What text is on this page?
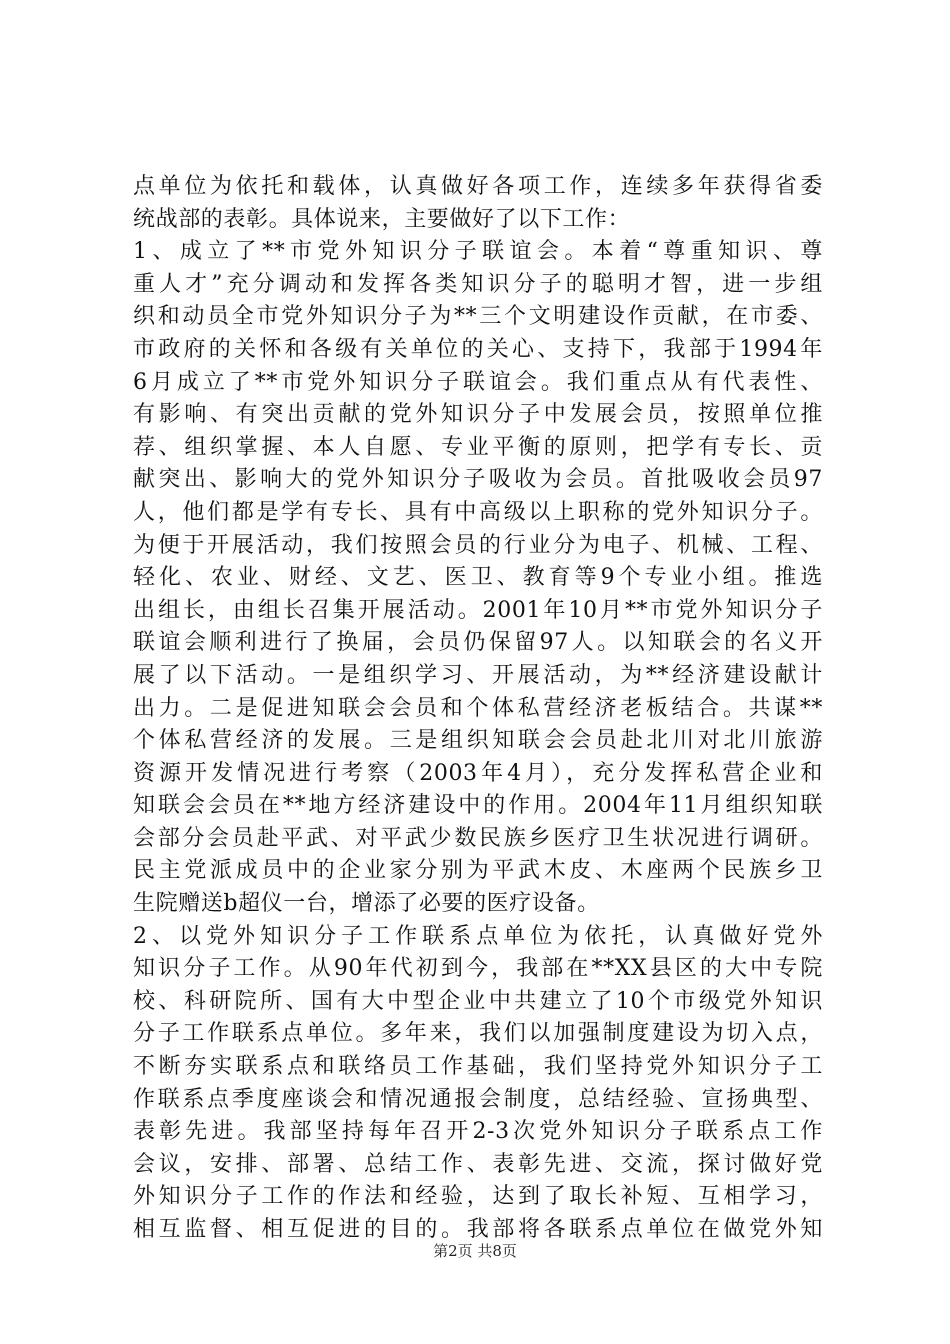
点单位为依托和载体，认真做好各项工作，连续多年获得省委
统战部的表彰。具体说来，主要做好了以下工作：
1、成立了**市党外知识分子联谊会。本着“尊重知识、尊
重人才”充分调动和发挥各类知识分子的聪明才智，进一步组
织和动员全市党外知识分子为**三个文明建设作贡献，在市委、
市政府的关怀和各级有关单位的关心、支持下，我部于1994年
6月成立了**市党外知识分子联谊会。我们重点从有代表性、
有影响、有突出贡献的党外知识分子中发展会员，按照单位推
荐、组织掌握、本人自愿、专业平衡的原则，把学有专长、贡
献突出、影响大的党外知识分子吸收为会员。首批吸收会员97
人，他们都是学有专长、具有中高级以上职称的党外知识分子。
为便于开展活动，我们按照会员的行业分为电子、机械、工程、
轻化、农业、财经、文艺、医卫、教育等9个专业小组。推选
出组长，由组长召集开展活动。2001年10月**市党外知识分子
联谊会顺利进行了换届，会员仍保留97人。以知联会的名义开
展了以下活动。一是组织学习、开展活动，为**经济建设献计
出力。二是促进知联会会员和个体私营经济老板结合。共谋**
个体私营经济的发展。三是组织知联会会员赴北川对北川旅游
资源开发情况进行考察（2003年4月），充分发挥私营企业和
知联会会员在**地方经济建设中的作用。2004年11月组织知联
会部分会员赴平武、对平武少数民族乡医疗卫生状况进行调研。
民主党派成员中的企业家分别为平武木皮、木座两个民族乡卫
生院赠送b超仪一台，增添了必要的医疗设备。
2、以党外知识分子工作联系点单位为依托，认真做好党外
知识分子工作。从90年代初到今，我部在**XX县区的大中专院
校、科研院所、国有大中型企业中共建立了10个市级党外知识
分子工作联系点单位。多年来，我们以加强制度建设为切入点，
不断夯实联系点和联络员工作基础，我们坚持党外知识分子工
作联系点季度座谈会和情况通报会制度，总结经验、宣扬典型、
表彰先进。我部坚持每年召开2-3次党外知识分子联系点工作
会议，安排、部署、总结工作、表彰先进、交流，探讨做好党
外知识分子工作的作法和经验，达到了取长补短、互相学习，
相互监督、相互促进的目的。我部将各联系点单位在做党外知
第2页 共8页
